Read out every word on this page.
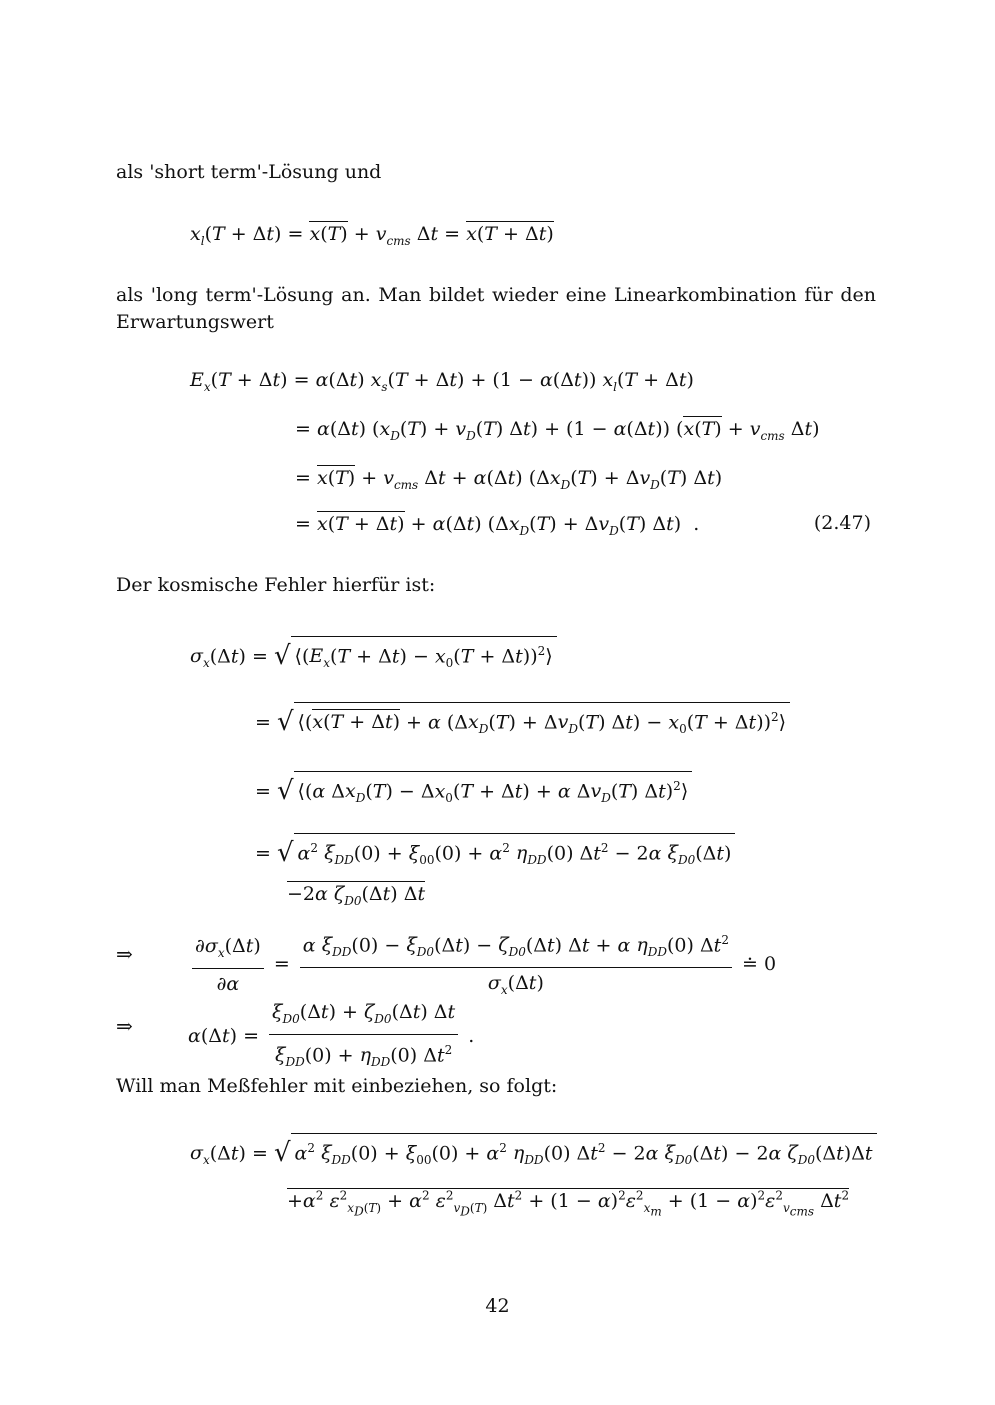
als 'short term'-Lösung und
$x_l(T + \Delta t) = x(T) + v_{cms}$ Δt = x(T + Δt)
als 'long term'-Lösung an. Man bildet wieder eine Linearkombination für den Erwartungswert
$E_x(T + \Delta t) = \alpha(\Delta t) x_s(T + \Delta t) + (1 - \alpha(\Delta t)) x_l(T + \Delta t)$
= α(Δt) $(x_D(T) + v_D(T) \Delta t) + (1 - \alpha(\Delta t)) (x(T) + v_{cms}$ Δt)
= $x(T) + v_{cms}$ Δt + α(Δt) ($\Delta x_D(T) + \Delta v_D(T)$ Δt)
= x(T + Δt) + α(Δt) ($\Delta x_D(T) + \Delta v_D(T)$ Δt)  .	(2.47)
Der kosmische Fehler hierfür ist:
$\sigma_x(\Delta t)$ = √ $⟨(E_x(T + \Delta t) - x_0(T$ + Δt))$^2$⟩
= √ ⟨(x(T + Δt) + α $(\Delta x_D(T) + \Delta v_D(T) \Delta t) - x_0(T$ + Δt))$^2$⟩
= √ ⟨(α $\Delta x_D(T) - \Delta x_0(T + \Delta t) + \alpha$ $\Delta v_D(T)$ Δt)$^2$⟩
= √ $\alpha^2$ $\xi_{DD}(0) + \xi_{00}(0) + \alpha^2$ $\eta_{DD}(0) \Delta t^2 - 2\alpha$ $\xi_{D0}(\Delta t)$
−2α $\zeta_{D0}(\Delta t)$ Δt
⇒	$\frac{\partial\sigma_x(\Delta t)}{\partial\alpha} = \frac{\alpha \xi_{DD}(0) - \xi_{D0}(\Delta t) - \zeta_{D0}(\Delta t) \Delta t + \alpha \eta_{DD}(0) \Delta t^2}{\sigma_x(\Delta t)}$ ≐ 0
⇒	$\alpha(\Delta t) = \frac{\xi_{D0}(\Delta t) + \zeta_{D0}(\Delta t) \Delta t}{\xi_{DD}(0) + \eta_{DD}(0) \Delta t^2}$ .
Will man Meßfehler mit einbeziehen, so folgt:
$\sigma_x(\Delta t)$ = √ $\alpha^2$ $\xi_{DD}(0) + \xi_{00}(0) + \alpha^2$ $\eta_{DD}(0) \Delta t^2 - 2\alpha$ $\xi_{D0}(\Delta t) - 2\alpha$ $\zeta_{D0}(\Delta t)\Delta t$
$+\alpha^2$ $\varepsilon^2_{x_D(T)} + \alpha^2$ $\varepsilon^2_{v_D(T)}$ $\Delta t^2 + (1 - \alpha)^2\varepsilon^2_{x_m} + (1 - \alpha)^2\varepsilon^2_{v_{cms}}$ $\Delta t^2$
42
